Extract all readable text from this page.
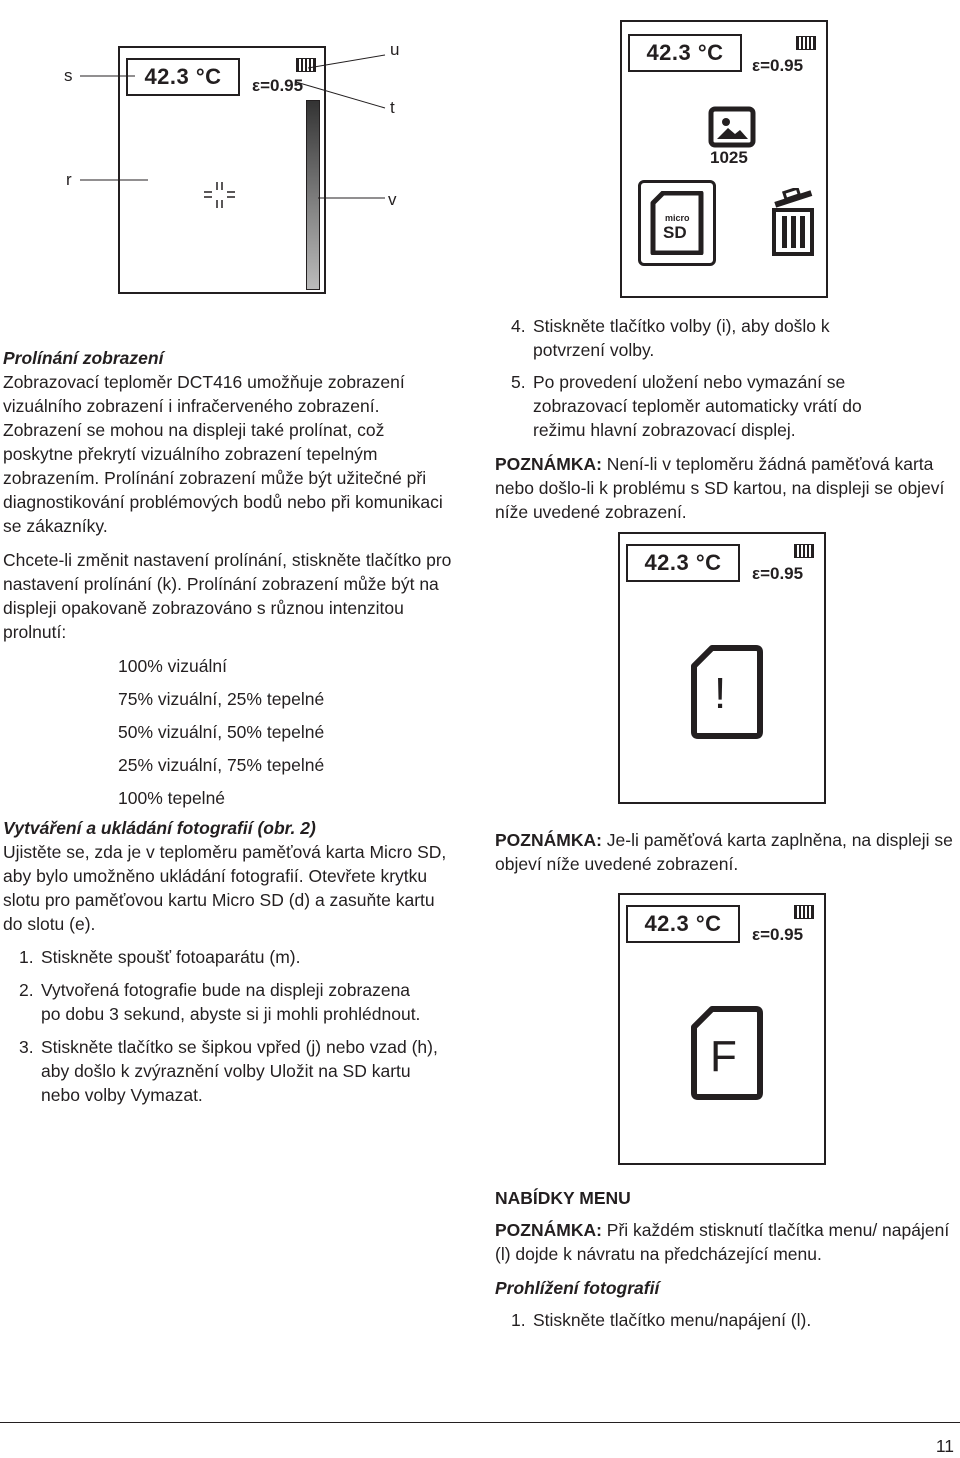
42.3 °C	ε=0.95
s
r
u
t
v
42.3 °C
ε=0.95
1025
micro
SD
Prolínání zobrazení

Zobrazovací teploměr DCT416 umožňuje zobrazení vizuálního zobrazení i infračerveného zobrazení. Zobrazení se mohou na displeji také prolínat, což poskytne překrytí vizuálního zobrazení tepelným zobrazením. Prolínání zobrazení může být užitečné při diagnostikování problémových bodů nebo při komunikaci se zákazníky.

Chcete-li změnit nastavení prolínání, stiskněte tlačítko pro nastavení prolínání (k). Prolínání zobrazení může být na displeji opakovaně zobrazováno s různou intenzitou prolnutí:

100% vizuální
75% vizuální, 25% tepelné
50% vizuální, 50% tepelné
25% vizuální, 75% tepelné
100% tepelné
Vytváření a ukládání fotografií (obr. 2)

Ujistěte se, zda je v teploměru paměťová karta Micro SD, aby bylo umožněno ukládání fotografií. Otevřete krytku slotu pro paměťovou kartu Micro SD (d) a zasuňte kartu do slotu (e).

1. Stiskněte spoušť fotoaparátu (m).
2. Vytvořená fotografie bude na displeji zobrazena po dobu 3 sekund, abyste si ji mohli prohlédnout.
3. Stiskněte tlačítko se šipkou vpřed (j) nebo vzad (h), aby došlo k zvýraznění volby Uložit na SD kartu nebo volby Vymazat.
4. Stiskněte tlačítko volby (i), aby došlo k potvrzení volby.
5. Po provedení uložení nebo vymazání se zobrazovací teploměr automaticky vrátí do režimu hlavní zobrazovací displej.

POZNÁMKA: Není-li v teploměru žádná paměťová karta nebo došlo-li k problému s SD kartou, na displeji se objeví níže uvedené zobrazení.

42.3 °C	ε=0.95
!

POZNÁMKA: Je-li paměťová karta zaplněna, na displeji se objeví níže uvedené zobrazení.

42.3 °C	ε=0.95
F
NABÍDKY MENU

POZNÁMKA: Při každém stisknutí tlačítka menu/ napájení (l) dojde k návratu na předcházející menu.

Prohlížení fotografií
1. Stiskněte tlačítko menu/napájení (l).
11
